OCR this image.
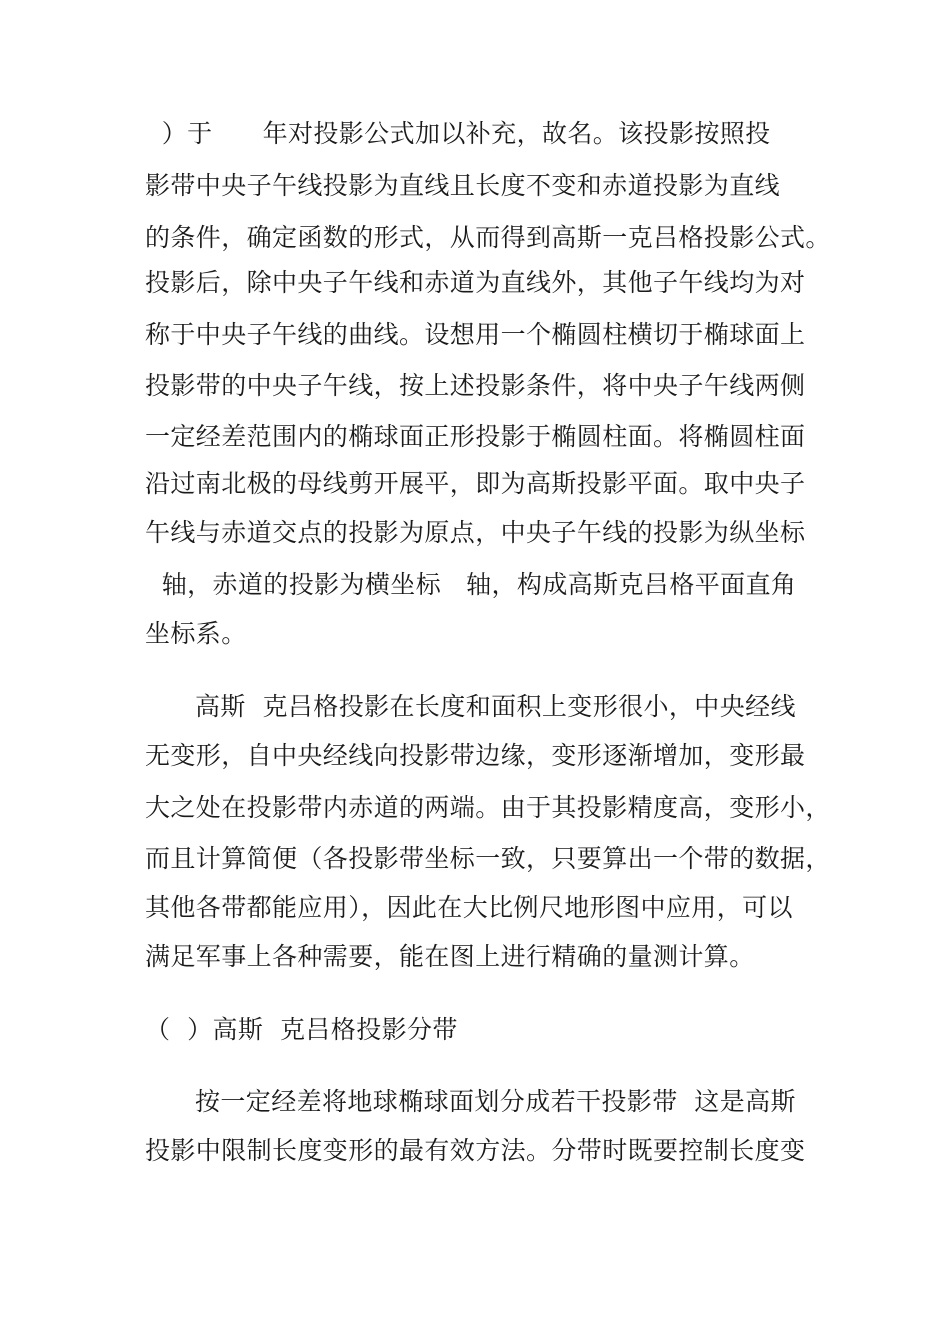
）于      年对投影公式加以补充，故名。该投影按照投
影带中央子午线投影为直线且长度不变和赤道投影为直线
的条件，确定函数的形式，从而得到高斯一克吕格投影公式。
投影后，除中央子午线和赤道为直线外，其他子午线均为对
称于中央子午线的曲线。设想用一个椭圆柱横切于椭球面上
投影带的中央子午线，按上述投影条件，将中央子午线两侧
一定经差范围内的椭球面正形投影于椭圆柱面。将椭圆柱面
沿过南北极的母线剪开展平，即为高斯投影平面。取中央子
午线与赤道交点的投影为原点，中央子午线的投影为纵坐标
轴，赤道的投影为横坐标   轴，构成高斯克吕格平面直角
坐标系。
高斯  克吕格投影在长度和面积上变形很小，中央经线
无变形，自中央经线向投影带边缘，变形逐渐增加，变形最
大之处在投影带内赤道的两端。由于其投影精度高，变形小，
而且计算简便（各投影带坐标一致，只要算出一个带的数据，
其他各带都能应用），因此在大比例尺地形图中应用，可以
满足军事上各种需要，能在图上进行精确的量测计算。
（  ）高斯  克吕格投影分带
按一定经差将地球椭球面划分成若干投影带  这是高斯
投影中限制长度变形的最有效方法。分带时既要控制长度变
